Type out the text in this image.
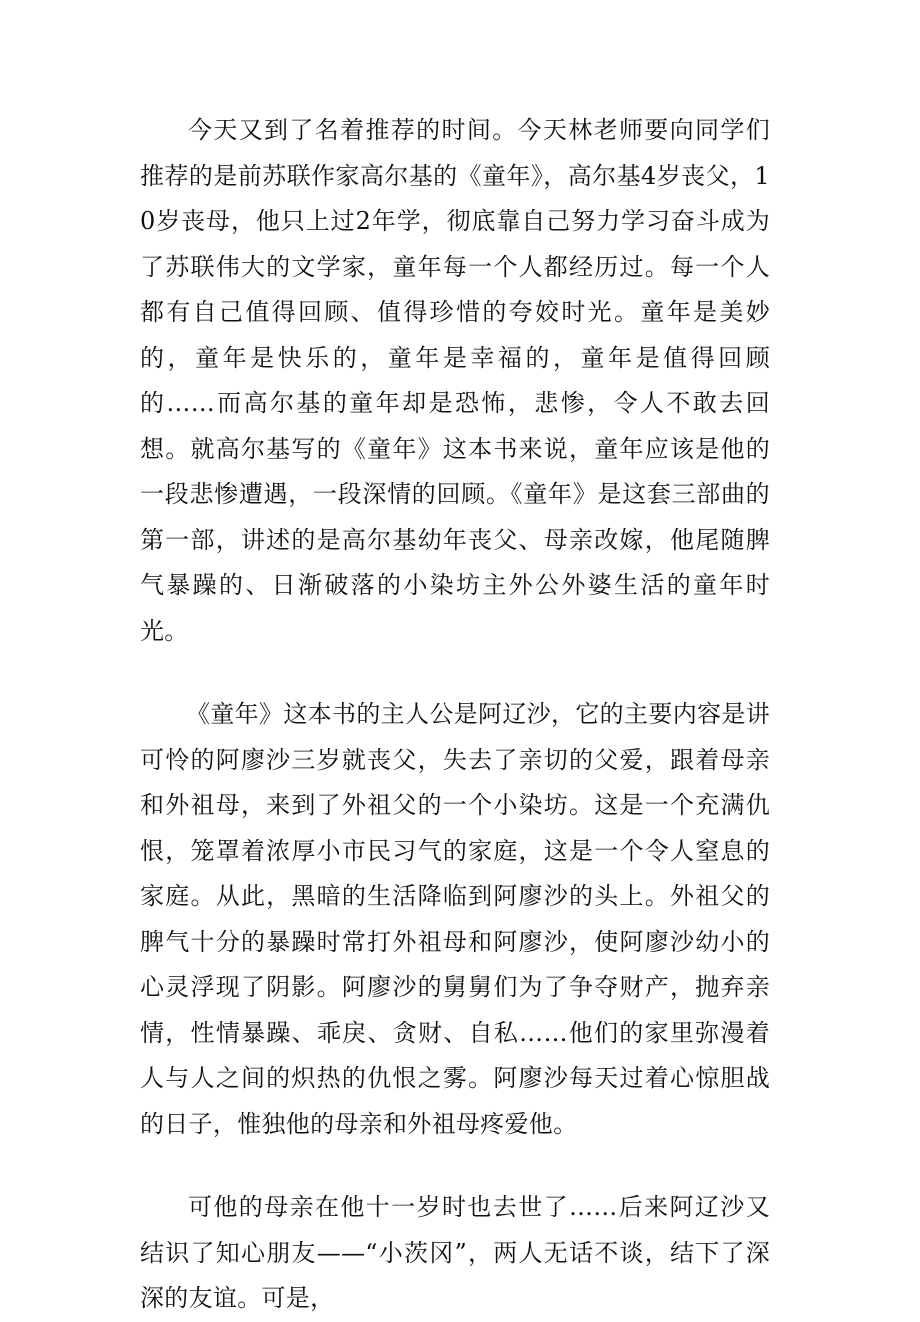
今天又到了名着推荐的时间。今天林老师要向同学们推荐的是前苏联作家高尔基的《童年》，高尔基4岁丧父，10岁丧母，他只上过2年学，彻底靠自己努力学习奋斗成为了苏联伟大的文学家，童年每一个人都经历过。每一个人都有自己值得回顾、值得珍惜的夸姣时光。童年是美妙的，童年是快乐的，童年是幸福的，童年是值得回顾的……而高尔基的童年却是恐怖，悲惨，令人不敢去回想。就高尔基写的《童年》这本书来说，童年应该是他的一段悲惨遭遇，一段深情的回顾。《童年》是这套三部曲的第一部，讲述的是高尔基幼年丧父、母亲改嫁，他尾随脾气暴躁的、日渐破落的小染坊主外公外婆生活的童年时光。

《童年》这本书的主人公是阿辽沙，它的主要内容是讲可怜的阿廖沙三岁就丧父，失去了亲切的父爱，跟着母亲和外祖母，来到了外祖父的一个小染坊。这是一个充满仇恨，笼罩着浓厚小市民习气的家庭，这是一个令人窒息的家庭。从此，黑暗的生活降临到阿廖沙的头上。外祖父的脾气十分的暴躁时常打外祖母和阿廖沙，使阿廖沙幼小的心灵浮现了阴影。阿廖沙的舅舅们为了争夺财产，抛弃亲情，性情暴躁、乖戾、贪财、自私……他们的家里弥漫着人与人之间的炽热的仇恨之雾。阿廖沙每天过着心惊胆战的日子，惟独他的母亲和外祖母疼爱他。

可他的母亲在他十一岁时也去世了……后来阿辽沙又结识了知心朋友——“小茨冈”，两人无话不谈，结下了深深的友谊。可是，
